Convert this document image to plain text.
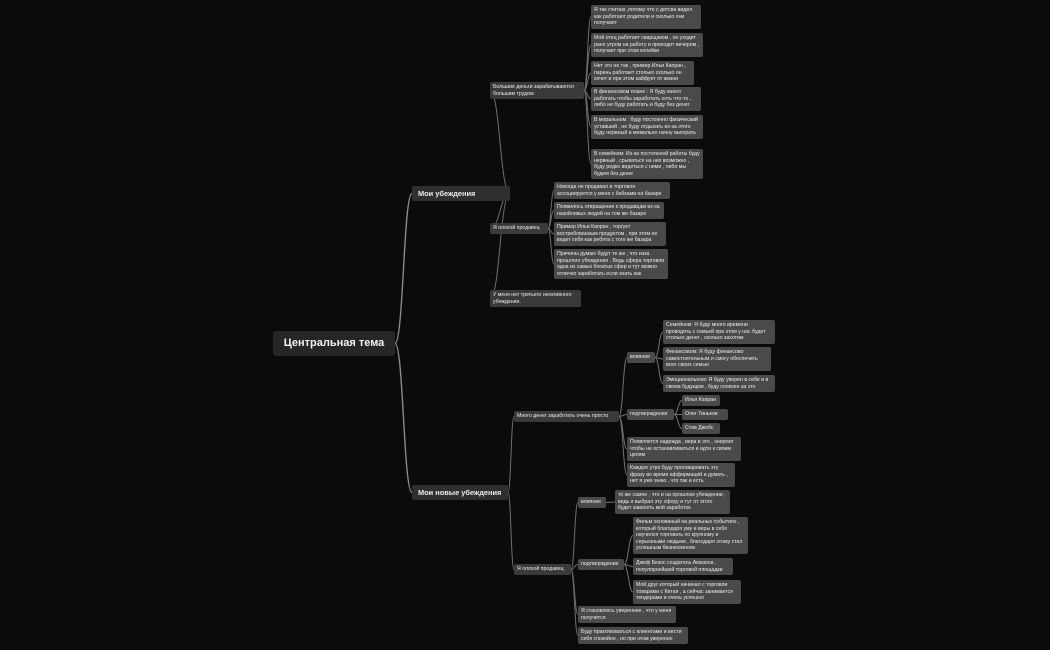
Центральная тема
Мои убеждения
Большие деньги зарабатываются большим трудом
Я так считаю ,потому что с детсва видел как работают родители и сколько они получают
Мой отец работает сварщиком , он уходит рано утром на работу и приходит вечером , получает при этом копейки
Нет это не так , пример Ильи Капран , парень работает столько сколько он хочет и при этом кайфует от жизни
В финансовом плане : Я буду много работать чтобы заработать хоть что-то , либо не буду работать и буду без денег
В моральном : буду постоянно физический уставший , не буду отдыхать из-за этого буду нервный и мемально начну выгорать
В семейном: Из-за постоянной работы буду нервный , срываться на них возможно , буду редко видеться с ними , либо мы будем без денег
Я плохой продавец
Никогда не продавал и торговля ассоциируется у меня с бабками на базаре
Появилось отвращение к продавцам из-за назойливых людей на том же базаре
Пример Ильи Капран , торгует востребованным продуктом , при этом не ведет себя как ребята с того же базара
Причины думаю будут те же , что изза прошлого убеждения . Ведь сфера торговли одна из самых богатых сфер и тут можно отлично заработать если знать как
У меня нет третьего негативного убеждения.
Мои новые убеждения
Много денег заработать очень просто
влияние
Семейном: Я буду много времени проводить с семьей при этом у нас будет столько денег , сколько захотим
Финансовом: Я буду финансово самостоятельным и смогу обеспечить всех своих семью
Эмоциональном: Я буду уверен в себе и в своем будущем , буду спокоен за это
подтверждения
Илья Капран
Олег Тиньков
Стив Джобс
Появляется надежда , вера в это , энергия чтобы не останавливаться и идти к своим целям
Каждое утро буду проговаривать эту фразу во время аффирмаций и думать , нет я уже знаю , что так и есть
Я плохой продавец
влияние
то же самое , что и на прошлом убеждении , ведь я выбрал эту сферу и тут от этого будет зависеть мой заработок
подтверждение
Фильм основаный на реальных событиях , который благодаря уму и веры в себя научился торговать по крупному и серьезными людьми , благодаря этому стал успешным бизнесменом
Джеф Безос создатель Амазона , популярнейшей торговой площадки
Мой друг который начинал с торговли товарами с Китая , а сейчас занимается тендерами и очень успешно
Я становлюсь увереннее , что у меня получится
Буду практиковаться с клиентами и вести себя спокойно , но при этом уверенно
